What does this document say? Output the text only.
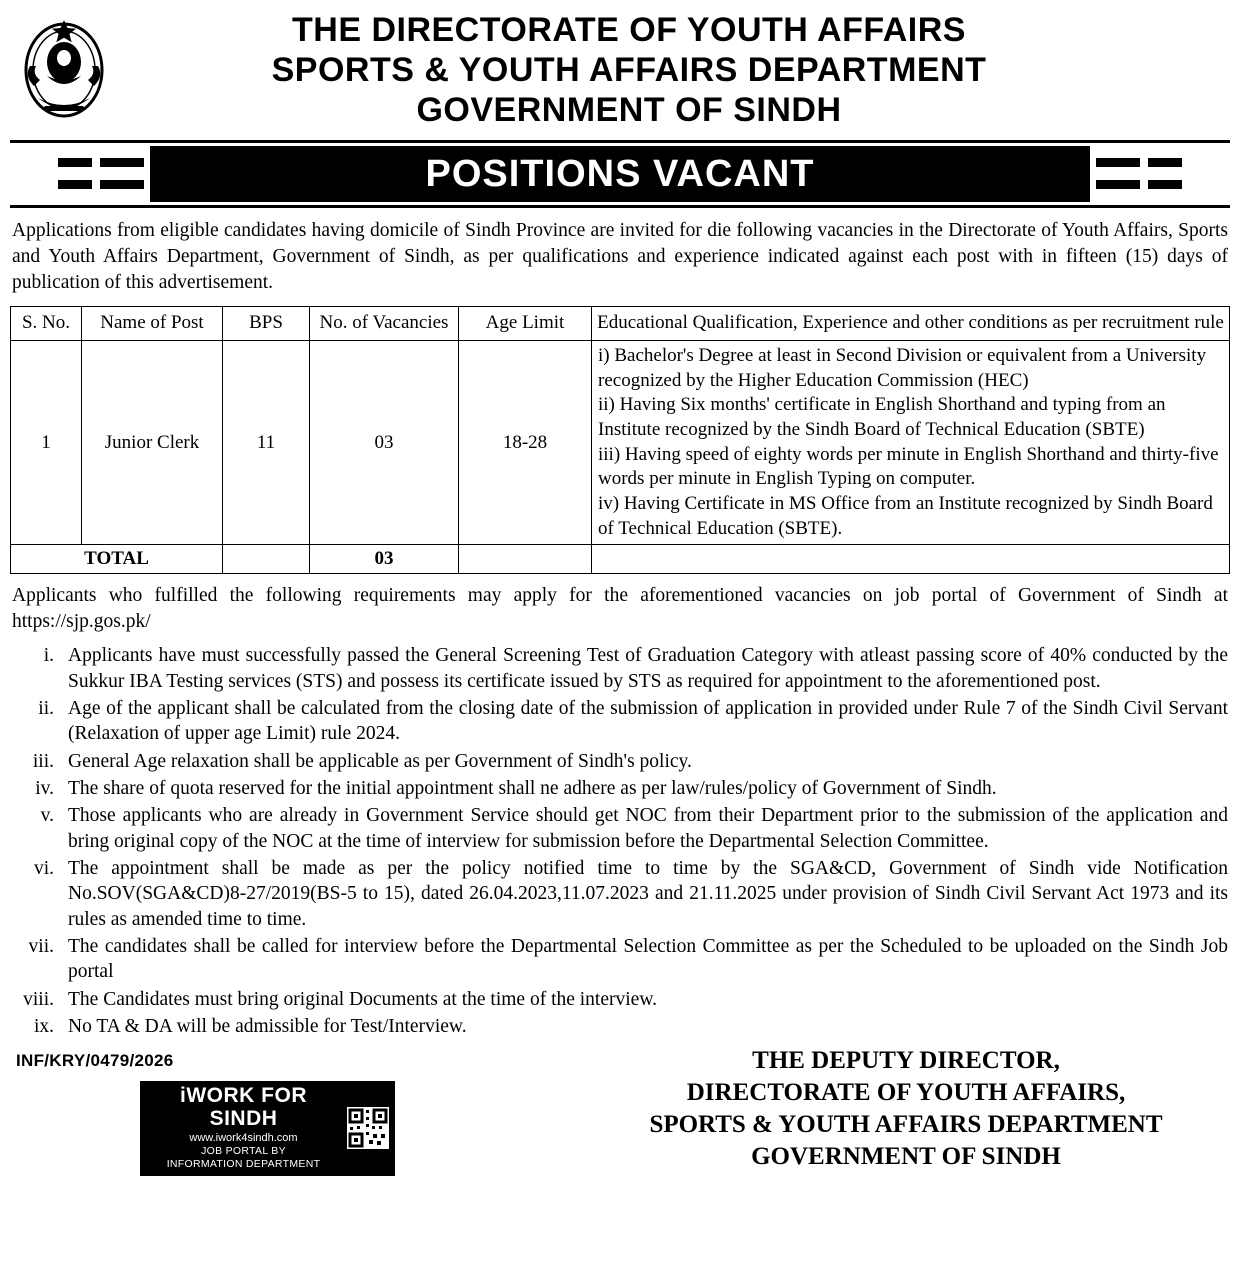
THE DIRECTORATE OF YOUTH AFFAIRS
SPORTS & YOUTH AFFAIRS DEPARTMENT
GOVERNMENT OF SINDH
POSITIONS VACANT
Applications from eligible candidates having domicile of Sindh Province are invited for die following vacancies in the Directorate of Youth Affairs, Sports and Youth Affairs Department, Government of Sindh, as per qualifications and experience indicated against each post with in fifteen (15) days of publication of this advertisement.
S. No.	Name of Post	BPS	No. of Vacancies	Age Limit	Educational Qualification, Experience and other conditions as per recruitment rule
1	Junior Clerk	11	03	18-28	i) Bachelor's Degree at least in Second Division or equivalent from a University recognized by the Higher Education Commission (HEC)
ii) Having Six months' certificate in English Shorthand and typing from an Institute recognized by the Sindh Board of Technical Education (SBTE)
iii) Having speed of eighty words per minute in English Shorthand and thirty-five words per minute in English Typing on computer.
iv) Having Certificate in MS Office from an Institute recognized by Sindh Board of Technical Education (SBTE).

TOTAL			03		
Applicants who fulfilled the following requirements may apply for the aforementioned vacancies on job portal of Government of Sindh at https://sjp.gos.pk/
i. Applicants have must successfully passed the General Screening Test of Graduation Category with atleast passing score of 40% conducted by the Sukkur IBA Testing services (STS) and possess its certificate issued by STS as required for appointment to the aforementioned post.
ii. Age of the applicant shall be calculated from the closing date of the submission of application in provided under Rule 7 of the Sindh Civil Servant (Relaxation of upper age Limit) rule 2024.
iii. General Age relaxation shall be applicable as per Government of Sindh's policy.
iv. The share of quota reserved for the initial appointment shall ne adhere as per law/rules/policy of Government of Sindh.
v. Those applicants who are already in Government Service should get NOC from their Department prior to the submission of the application and bring original copy of the NOC at the time of interview for submission before the Departmental Selection Committee.
vi. The appointment shall be made as per the policy notified time to time by the SGA&CD, Government of Sindh vide Notification No.SOV(SGA&CD)8-27/2019(BS-5 to 15), dated 26.04.2023,11.07.2023 and 21.11.2025 under provision of Sindh Civil Servant Act 1973 and its rules as amended time to time.
vii. The candidates shall be called for interview before the Departmental Selection Committee as per the Scheduled to be uploaded on the Sindh Job portal
viii. The Candidates must bring original Documents at the time of the interview.
ix. No TA & DA will be admissible for Test/Interview.
INF/KRY/0479/2026
iWORK FOR SINDH
www.iwork4sindh.com
JOB PORTAL BY
INFORMATION DEPARTMENT
THE DEPUTY DIRECTOR,
DIRECTORATE OF YOUTH AFFAIRS,
SPORTS & YOUTH AFFAIRS DEPARTMENT
GOVERNMENT OF SINDH
